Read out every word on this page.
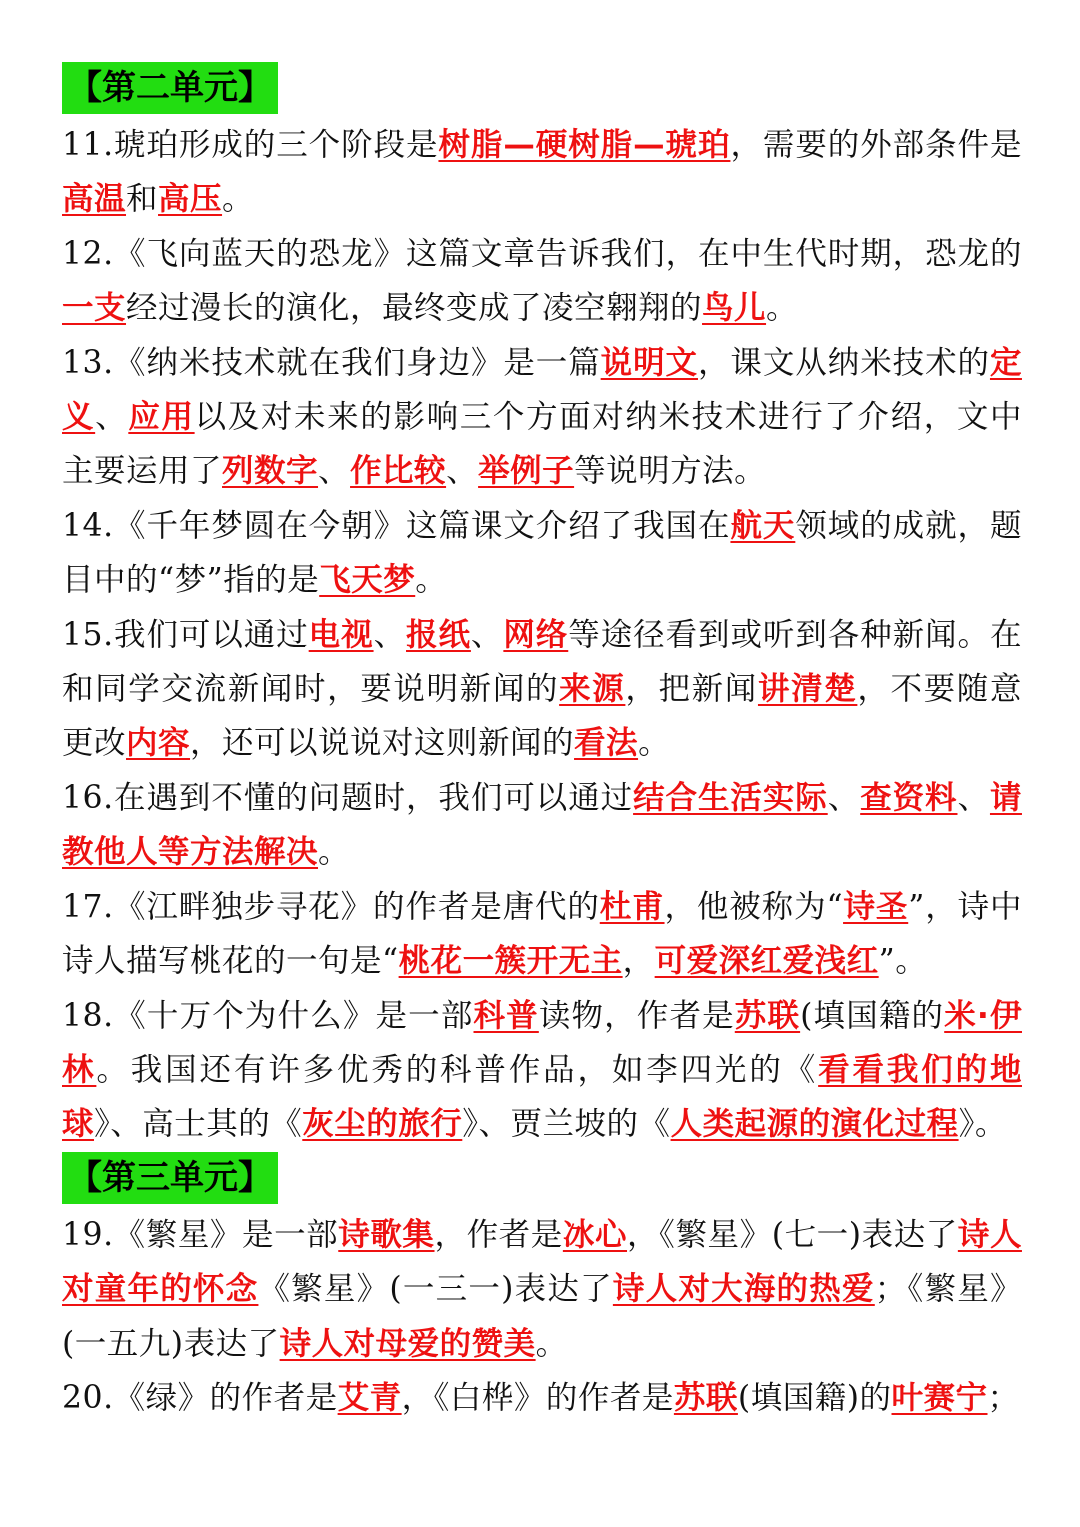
【第二单元】

11.琥珀形成的三个阶段是树脂—硬树脂—琥珀，需要的外部条件是高温和高压。

12.《飞向蓝天的恐龙》这篇文章告诉我们，在中生代时期，恐龙的一支经过漫长的演化，最终变成了凌空翱翔的鸟儿。

13.《纳米技术就在我们身边》是一篇说明文，课文从纳米技术的定义、应用以及对未来的影响三个方面对纳米技术进行了介绍，文中主要运用了列数字、作比较、举例子等说明方法。

14.《千年梦圆在今朝》这篇课文介绍了我国在航天领域的成就，题目中的“梦”指的是飞天梦。

15.我们可以通过电视、报纸、网络等途径看到或听到各种新闻。在和同学交流新闻时，要说明新闻的来源，把新闻讲清楚，不要随意更改内容，还可以说说对这则新闻的看法。

16.在遇到不懂的问题时，我们可以通过结合生活实际、查资料、请教他人等方法解决。

17.《江畔独步寻花》的作者是唐代的杜甫，他被称为“诗圣”，诗中诗人描写桃花的一句是“桃花一簇开无主，可爱深红爱浅红”。

18.《十万个为什么》是一部科普读物，作者是苏联(填国籍的米·伊林。我国还有许多优秀的科普作品，如李四光的《看看我们的地球》、高士其的《灰尘的旅行》、贾兰坡的《人类起源的演化过程》。

【第三单元】

19.《繁星》是一部诗歌集，作者是冰心，《繁星》(七一)表达了诗人对童年的怀念《繁星》(一三一)表达了诗人对大海的热爱；《繁星》(一五九)表达了诗人对母爱的赞美。

20.《绿》的作者是艾青，《白桦》的作者是苏联(填国籍)的叶赛宁；
